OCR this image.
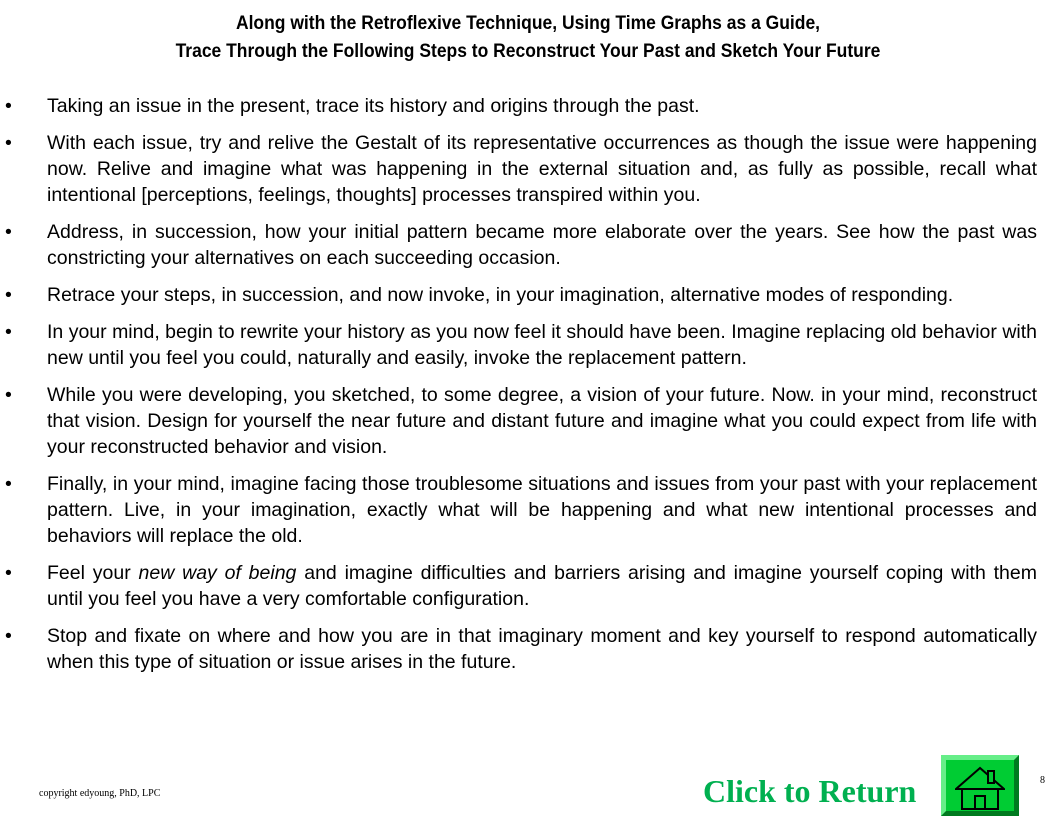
Along with the Retroflexive Technique, Using Time Graphs as a Guide,
Trace Through the Following Steps to Reconstruct Your Past and Sketch Your Future
• Taking an issue in the present, trace its history and origins through the past.

• With each issue, try and relive the Gestalt of its representative occurrences as though the issue were happening now. Relive and imagine what was happening in the external situation and, as fully as possible, recall what intentional [perceptions, feelings, thoughts] processes transpired within you.

• Address, in succession, how your initial pattern became more elaborate over the years. See how the past was constricting your alternatives on each succeeding occasion.

• Retrace your steps, in succession, and now invoke, in your imagination, alternative modes of responding.

• In your mind, begin to rewrite your history as you now feel it should have been. Imagine replacing old behavior with new until you feel you could, naturally and easily, invoke the replacement pattern.

• While you were developing, you sketched, to some degree, a vision of your future. Now. in your mind, reconstruct that vision. Design for yourself the near future and distant future and imagine what you could expect from life with your reconstructed behavior and vision.

• Finally, in your mind, imagine facing those troublesome situations and issues from your past with your replacement pattern. Live, in your imagination, exactly what will be happening and what new intentional processes and behaviors will replace the old.

• Feel your new way of being and imagine difficulties and barriers arising and imagine yourself coping with them until you feel you have a very comfortable configuration.

• Stop and fixate on where and how you are in that imaginary moment and key yourself to respond automatically when this type of situation or issue arises in the future.

copyright edyoung, PhD, LPC
8
Click to Return
